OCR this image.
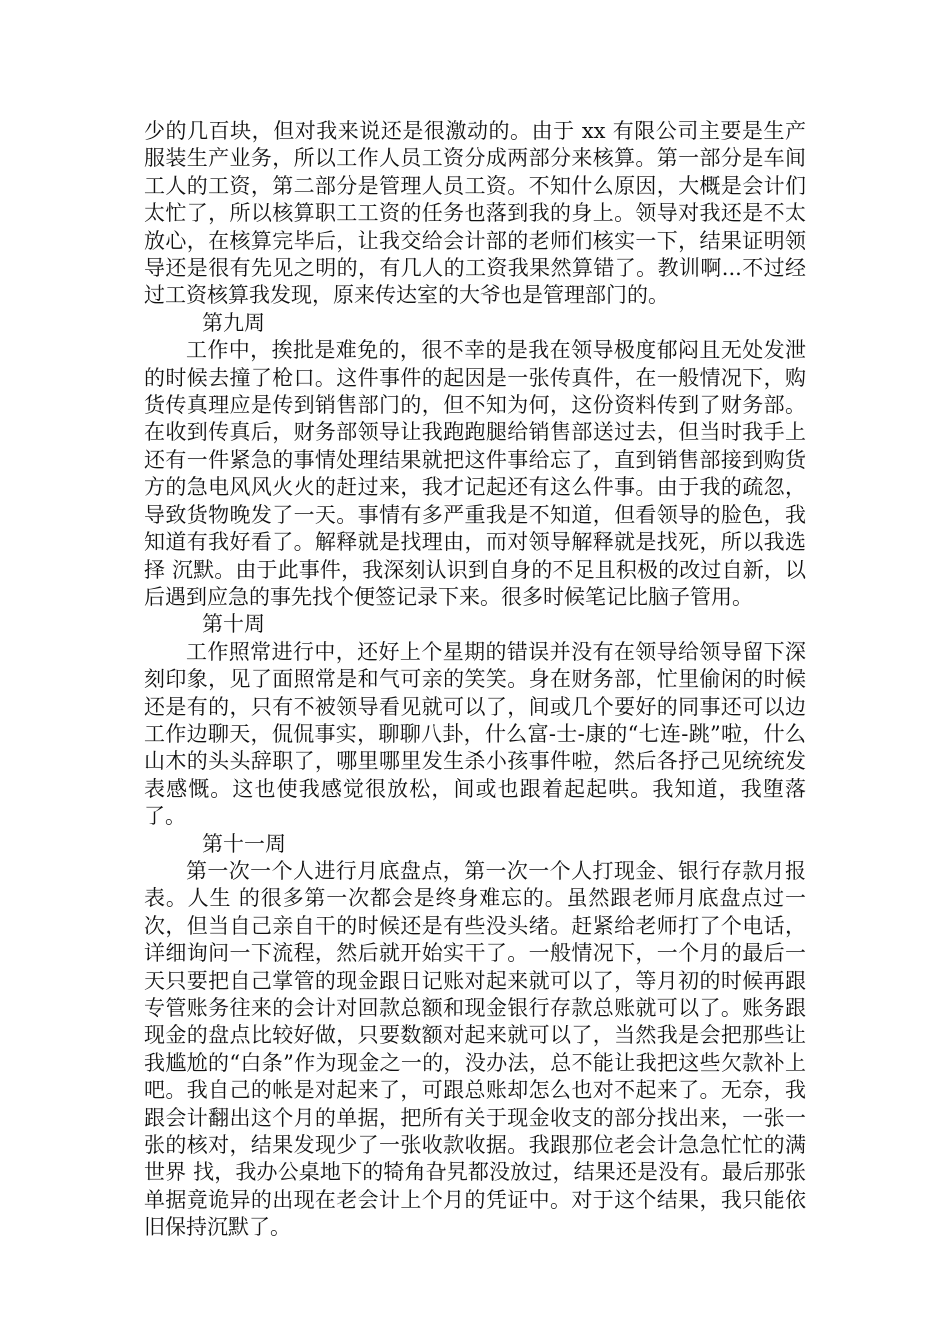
少的几百块，但对我来说还是很激动的。由于 xx 有限公司主要是生产服装生产业务，所以工作人员工资分成两部分来核算。第一部分是车间工人的工资，第二部分是管理人员工资。不知什么原因，大概是会计们太忙了，所以核算职工工资的任务也落到我的身上。领导对我还是不太放心，在核算完毕后，让我交给会计部的老师们核实一下，结果证明领导还是很有先见之明的，有几人的工资我果然算错了。教训啊...不过经过工资核算我发现，原来传达室的大爷也是管理部门的。

第九周

工作中，挨批是难免的，很不幸的是我在领导极度郁闷且无处发泄的时候去撞了枪口。这件事件的起因是一张传真件，在一般情况下，购货传真理应是传到销售部门的，但不知为何，这份资料传到了财务部。在收到传真后，财务部领导让我跑跑腿给销售部送过去，但当时我手上还有一件紧急的事情处理结果就把这件事给忘了，直到销售部接到购货方的急电风风火火的赶过来，我才记起还有这么件事。由于我的疏忽，导致货物晚发了一天。事情有多严重我是不知道，但看领导的脸色，我知道有我好看了。解释就是找理由，而对领导解释就是找死，所以我选择 沉默。由于此事件，我深刻认识到自身的不足且积极的改过自新，以后遇到应急的事先找个便签记录下来。很多时候笔记比脑子管用。

第十周

工作照常进行中，还好上个星期的错误并没有在领导给领导留下深刻印象，见了面照常是和气可亲的笑笑。身在财务部，忙里偷闲的时候还是有的，只有不被领导看见就可以了，间或几个要好的同事还可以边工作边聊天，侃侃事实，聊聊八卦，什么富-士-康的“七连-跳”啦，什么山木的头头辞职了，哪里哪里发生杀小孩事件啦，然后各抒己见统统发表感慨。这也使我感觉很放松，间或也跟着起起哄。我知道，我堕落了。

第十一周

第一次一个人进行月底盘点，第一次一个人打现金、银行存款月报表。人生 的很多第一次都会是终身难忘的。虽然跟老师月底盘点过一次，但当自己亲自干的时候还是有些没头绪。赶紧给老师打了个电话，详细询问一下流程，然后就开始实干了。一般情况下，一个月的最后一天只要把自己掌管的现金跟日记账对起来就可以了，等月初的时候再跟专管账务往来的会计对回款总额和现金银行存款总账就可以了。账务跟现金的盘点比较好做，只要数额对起来就可以了，当然我是会把那些让我尴尬的“白条”作为现金之一的，没办法，总不能让我把这些欠款补上吧。我自己的帐是对起来了，可跟总账却怎么也对不起来了。无奈，我跟会计翻出这个月的单据，把所有关于现金收支的部分找出来，一张一张的核对，结果发现少了一张收款收据。我跟那位老会计急急忙忙的满世界 找，我办公桌地下的犄角旮旯都没放过，结果还是没有。最后那张单据竟诡异的出现在老会计上个月的凭证中。对于这个结果，我只能依旧保持沉默了。
